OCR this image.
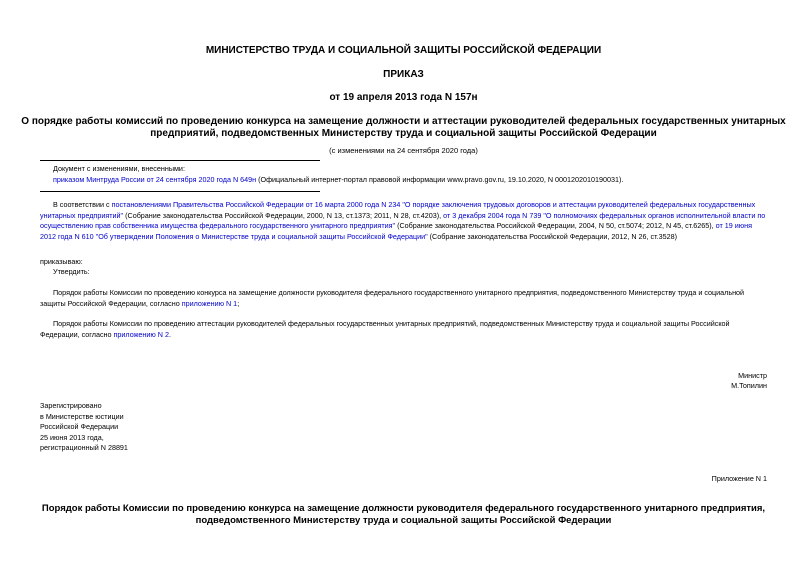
МИНИСТЕРСТВО ТРУДА И СОЦИАЛЬНОЙ ЗАЩИТЫ РОССИЙСКОЙ ФЕДЕРАЦИИ
ПРИКАЗ
от 19 апреля 2013 года N 157н
О порядке работы комиссий по проведению конкурса на замещение должности и аттестации руководителей федеральных государственных унитарных
предприятий, подведомственных Министерству труда и социальной защиты Российской Федерации
(с изменениями на 24 сентября 2020 года)
Документ с изменениями, внесенными:
приказом Минтруда России от 24 сентября 2020 года N 649н (Официальный интернет-портал правовой информации www.pravo.gov.ru, 19.10.2020, N 0001202010190031).
В соответствии с постановлениями Правительства Российской Федерации от 16 марта 2000 года N 234 "О порядке заключения трудовых договоров и аттестации руководителей федеральных государственных унитарных предприятий" (Собрание законодательства Российской Федерации, 2000, N 13, ст.1373; 2011, N 28, ст.4203), от 3 декабря 2004 года N 739 "О полномочиях федеральных органов исполнительной власти по осуществлению прав собственника имущества федерального государственного унитарного предприятия" (Собрание законодательства Российской Федерации, 2004, N 50, ст.5074; 2012, N 45, ст.6265), от 19 июня 2012 года N 610 "Об утверждении Положения о Министерстве труда и социальной защиты Российской Федерации" (Собрание законодательства Российской Федерации, 2012, N 26, ст.3528)
приказываю:
Утвердить:
Порядок работы Комиссии по проведению конкурса на замещение должности руководителя федерального государственного унитарного предприятия, подведомственного Министерству труда и социальной защиты Российской Федерации, согласно приложению N 1;
Порядок работы Комиссии по проведению аттестации руководителей федеральных государственных унитарных предприятий, подведомственных Министерству труда и социальной защиты Российской Федерации, согласно приложению N 2.
Министр
М.Топилин
Зарегистрировано
в Министерстве юстиции
Российской Федерации
25 июня 2013 года,
регистрационный N 28891
Приложение N 1
Порядок работы Комиссии по проведению конкурса на замещение должности руководителя федерального государственного унитарного предприятия,
подведомственного Министерству труда и социальной защиты Российской Федерации
